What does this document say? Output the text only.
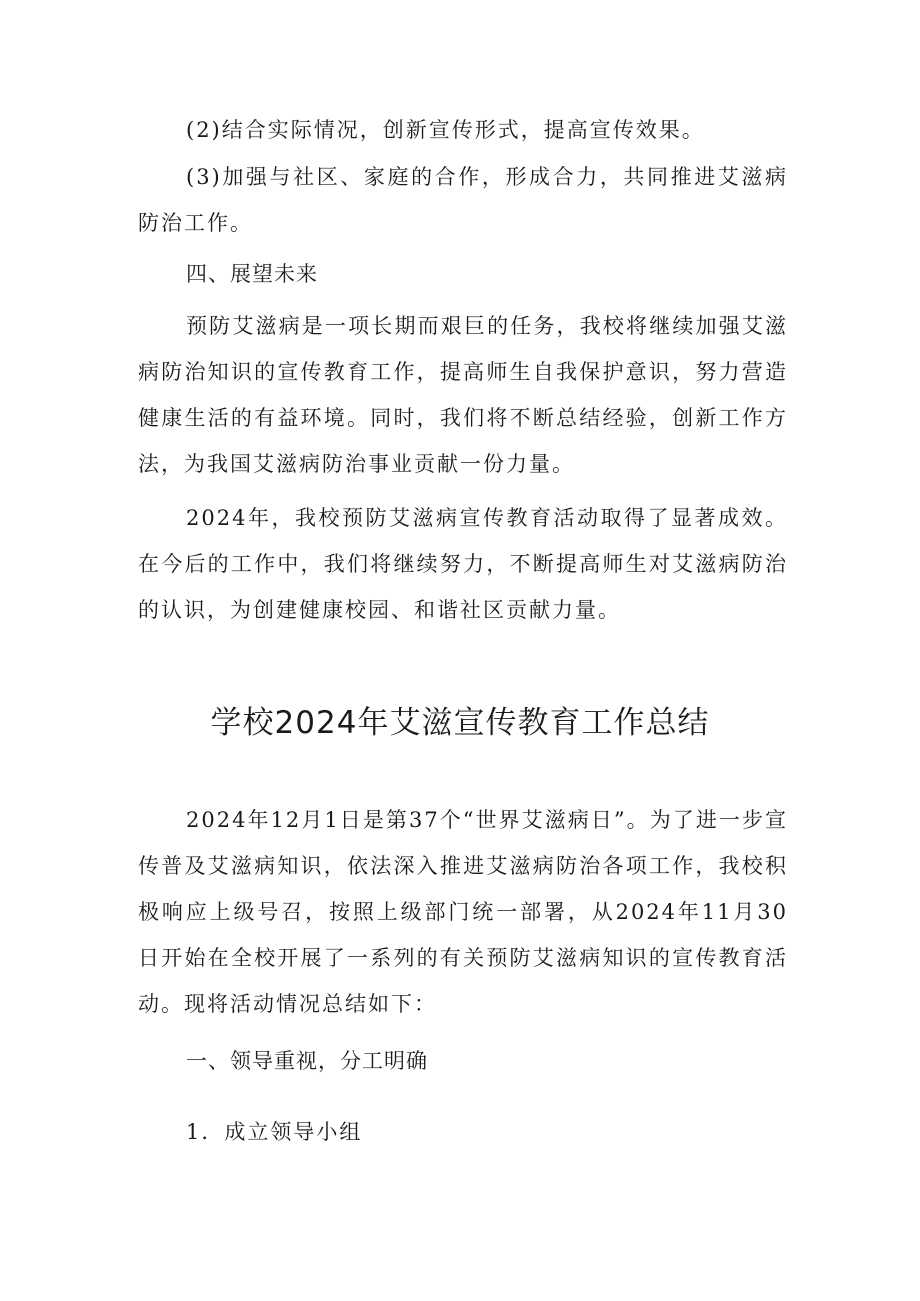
(2)结合实际情况，创新宣传形式，提高宣传效果。

(3)加强与社区、家庭的合作，形成合力，共同推进艾滋病防治工作。

四、展望未来

预防艾滋病是一项长期而艰巨的任务，我校将继续加强艾滋病防治知识的宣传教育工作，提高师生自我保护意识，努力营造健康生活的有益环境。同时，我们将不断总结经验，创新工作方法，为我国艾滋病防治事业贡献一份力量。

2024年，我校预防艾滋病宣传教育活动取得了显著成效。在今后的工作中，我们将继续努力，不断提高师生对艾滋病防治的认识，为创建健康校园、和谐社区贡献力量。

学校2024年艾滋宣传教育工作总结

2024年12月1日是第37个“世界艾滋病日”。为了进一步宣传普及艾滋病知识，依法深入推进艾滋病防治各项工作，我校积极响应上级号召，按照上级部门统一部署，从2024年11月30日开始在全校开展了一系列的有关预防艾滋病知识的宣传教育活动。现将活动情况总结如下：

一、领导重视，分工明确

1．成立领导小组
